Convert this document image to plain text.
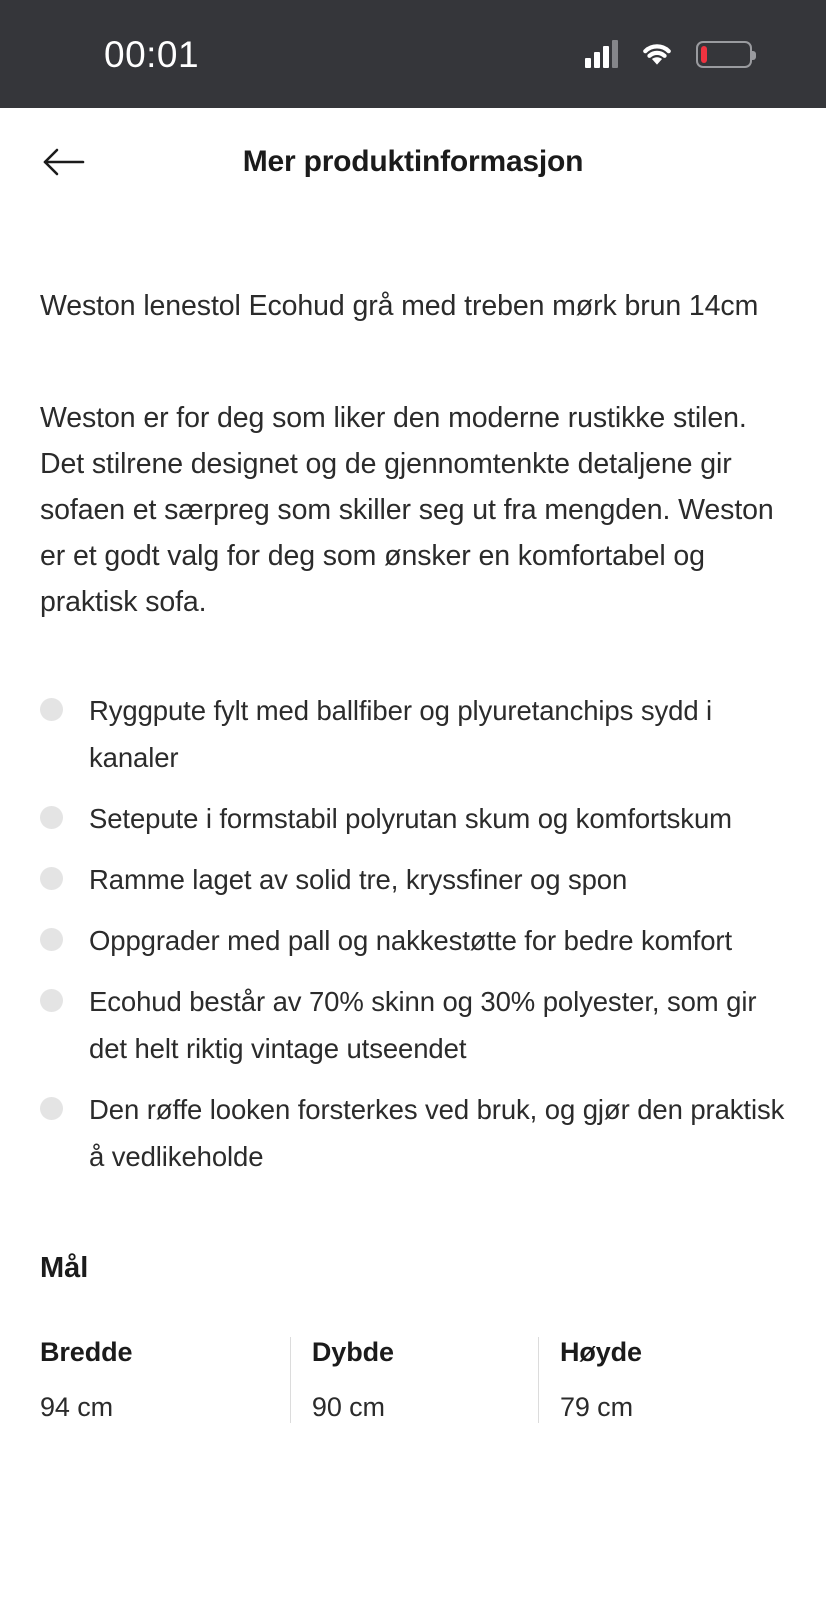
00:01
Mer produktinformasjon
Weston lenestol Ecohud grå med treben mørk brun 14cm
Weston er for deg som liker den moderne rustikke stilen. Det stilrene designet og de gjennomtenkte detaljene gir sofaen et særpreg som skiller seg ut fra mengden. Weston er et godt valg for deg som ønsker en komfortabel og praktisk sofa.
Ryggpute fylt med ballfiber og plyuretanchips sydd i kanaler
Setepute i formstabil polyrutan skum og komfortskum
Ramme laget av solid tre, kryssfiner og spon
Oppgrader med pall og nakkestøtte for bedre komfort
Ecohud består av 70% skinn og 30% polyester, som gir det helt riktig vintage utseendet
Den røffe looken forsterkes ved bruk, og gjør den praktisk å vedlikeholde
Mål
Bredde
94 cm
Dybde
90 cm
Høyde
79 cm
